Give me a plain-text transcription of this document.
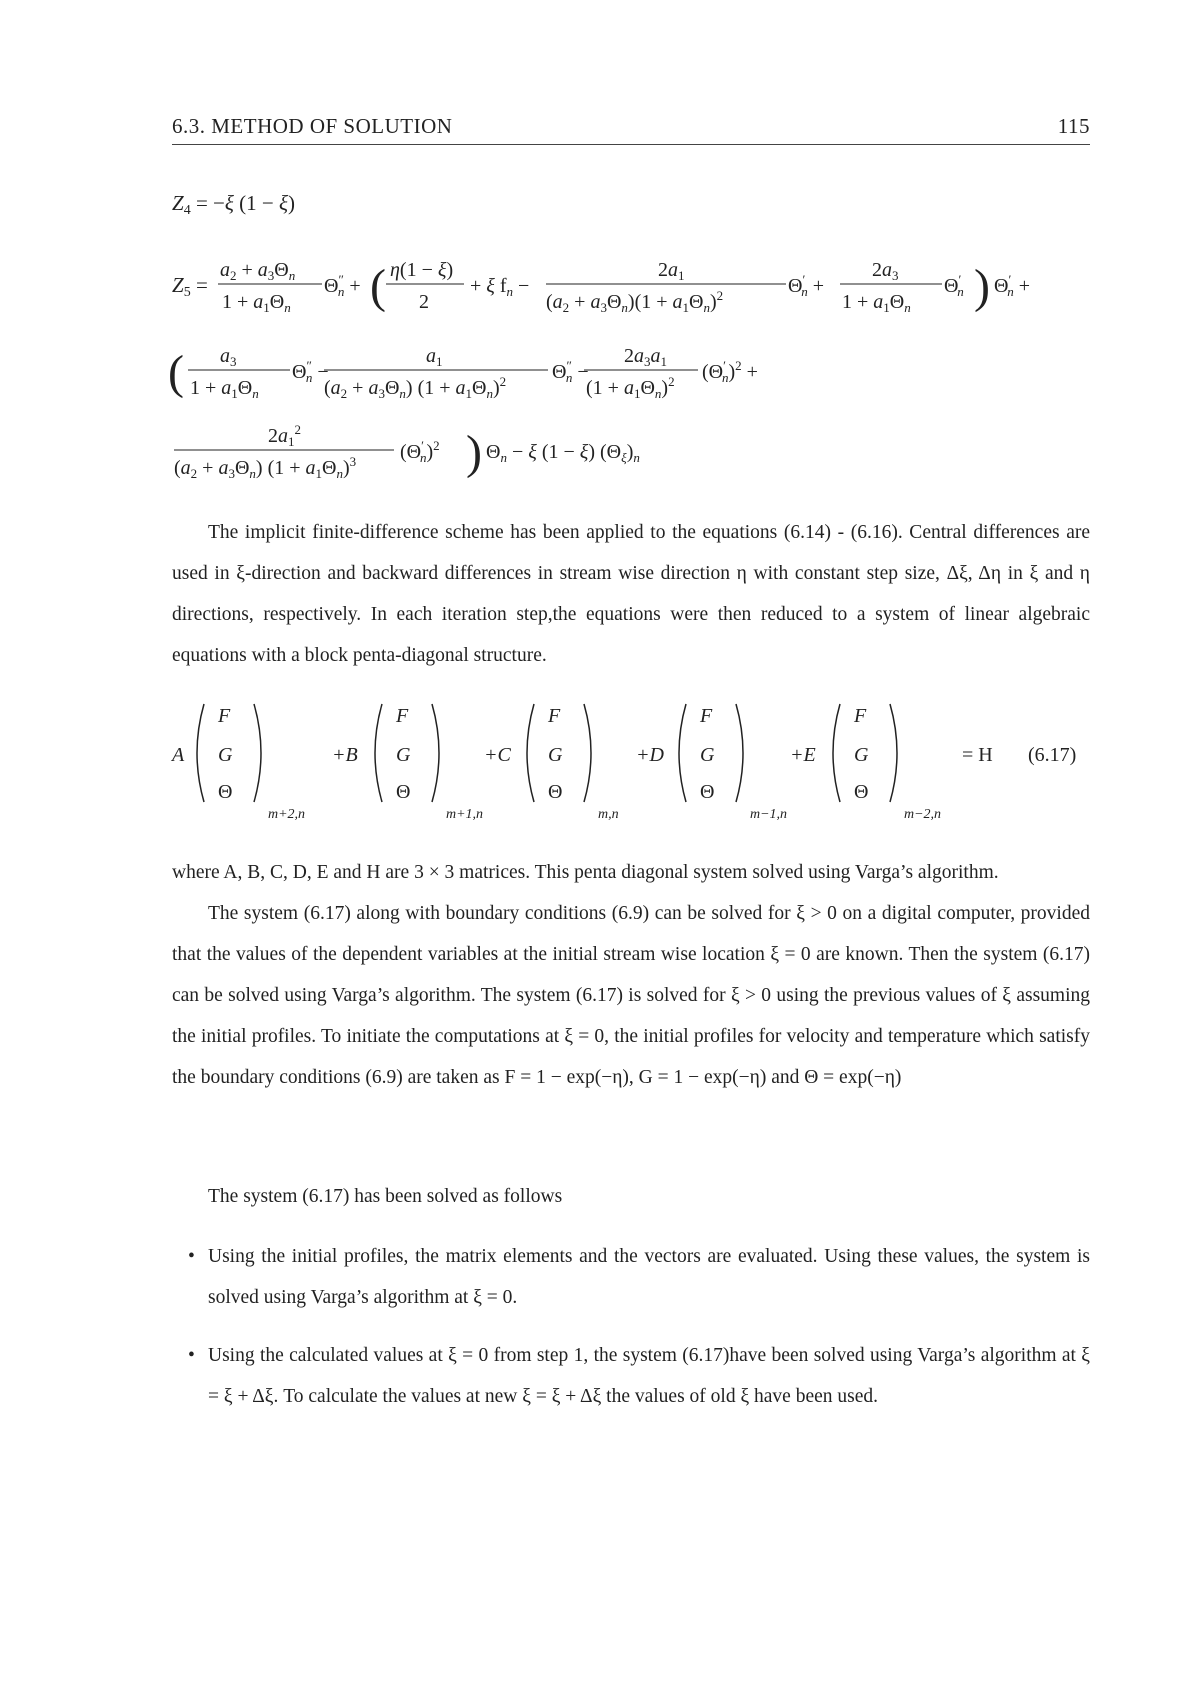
6.3. METHOD OF SOLUTION	115
Z4 = −ξ (1 − ξ)
Z5 =
$a_2 + a_3\Theta_n$
$1 + a_1\Theta_n$
Θ″ n + ( η(1 − ξ)
2
+ ξ $f_n$ −
$2a_1$
$(a_2 + a_3\Theta_n)(1 + a_1\Theta_n)^2$	Θ′ n +
$2a_3$
$1 + a_1\Theta_n$
Θ′ n ) Θ′ n +
( $a_3$
$1 + a_1\Theta_n$
Θ″ n −
$a_1$
$(a_2 + a_3\Theta_n) (1 + a_1\Theta_n)^2$ Θ″ n −
$2a_3a_1$
$(1 + a_1\Theta_n)^2$ (Θ′ n)$^2$ +
$2a_1^2$
$(a_2 + a_3\Theta_n) (1 + a_1\Theta_n)^3$ (Θ′ n)$^2$ ) $\Theta_n - \xi$ (1 − ξ) $(\Theta_\xi)_n$
The implicit finite-difference scheme has been applied to the equations (6.14) - (6.16). Central differences are used in ξ-direction and backward differences in stream wise direction η with constant step size, Δξ, Δη in ξ and η directions, respectively. In each iteration step,the equations were then reduced to a system of linear algebraic equations with a block penta-diagonal structure.
A
F
G
Θ
m+2,n
+B
F
G
Θ
m+1,n
+C
F
G
Θ
m,n
+D
F
G
Θ
m−1,n
+E
F
G
Θ
m−2,n
= H (6.17)
where A, B, C, D, E and H are 3 × 3 matrices. This penta diagonal system solved using Varga’s algorithm.
The system (6.17) along with boundary conditions (6.9) can be solved for ξ > 0 on a digital computer, provided that the values of the dependent variables at the initial stream wise location ξ = 0 are known. Then the system (6.17) can be solved using Varga’s algorithm. The system (6.17) is solved for ξ > 0 using the previous values of ξ assuming the initial profiles. To initiate the computations at ξ = 0, the initial profiles for velocity and temperature which satisfy the boundary conditions (6.9) are taken as F = 1 − exp(−η), G = 1 − exp(−η) and Θ = exp(−η)
The system (6.17) has been solved as follows
• Using the initial profiles, the matrix elements and the vectors are evaluated. Using these values, the system is solved using Varga’s algorithm at ξ = 0.
• Using the calculated values at ξ = 0 from step 1, the system (6.17)have been solved using Varga’s algorithm at ξ = ξ + Δξ. To calculate the values at new ξ = ξ + Δξ the values of old ξ have been used.
